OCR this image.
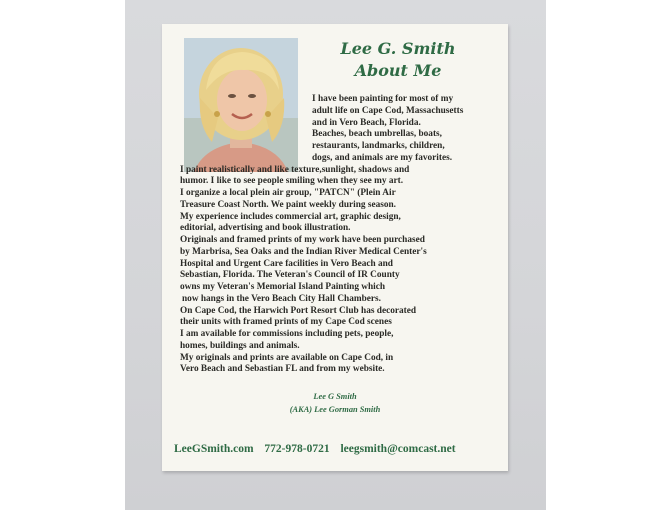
Lee G. Smith
About Me
I have been painting for most of my
adult life on Cape Cod, Massachusetts
and in Vero Beach, Florida.
Beaches, beach umbrellas, boats,
restaurants, landmarks, children,
dogs, and animals are my favorites.
I paint realistically and like texture,sunlight, shadows and
humor. I like to see people smiling when they see my art.
I organize a local plein air group, "PATCN" (Plein Air
Treasure Coast North. We paint weekly during season.
My experience includes commercial art, graphic design,
editorial, advertising and book illustration.
Originals and framed prints of my work have been purchased
by Marbrisa, Sea Oaks and the Indian River Medical Center's
Hospital and Urgent Care facilities in Vero Beach and
Sebastian, Florida. The Veteran's Council of IR County
owns my Veteran's Memorial Island Painting which
now hangs in the Vero Beach City Hall Chambers.
On Cape Cod, the Harwich Port Resort Club has decorated
their units with framed prints of my Cape Cod scenes
I am available for commissions including pets, people,
homes, buildings and animals.
My originals and prints are available on Cape Cod, in
Vero Beach and Sebastian FL and from my website.
Lee G Smith
(AKA) Lee Gorman Smith
LeeGSmith.com 772-978-0721 leegsmith@comcast.net
